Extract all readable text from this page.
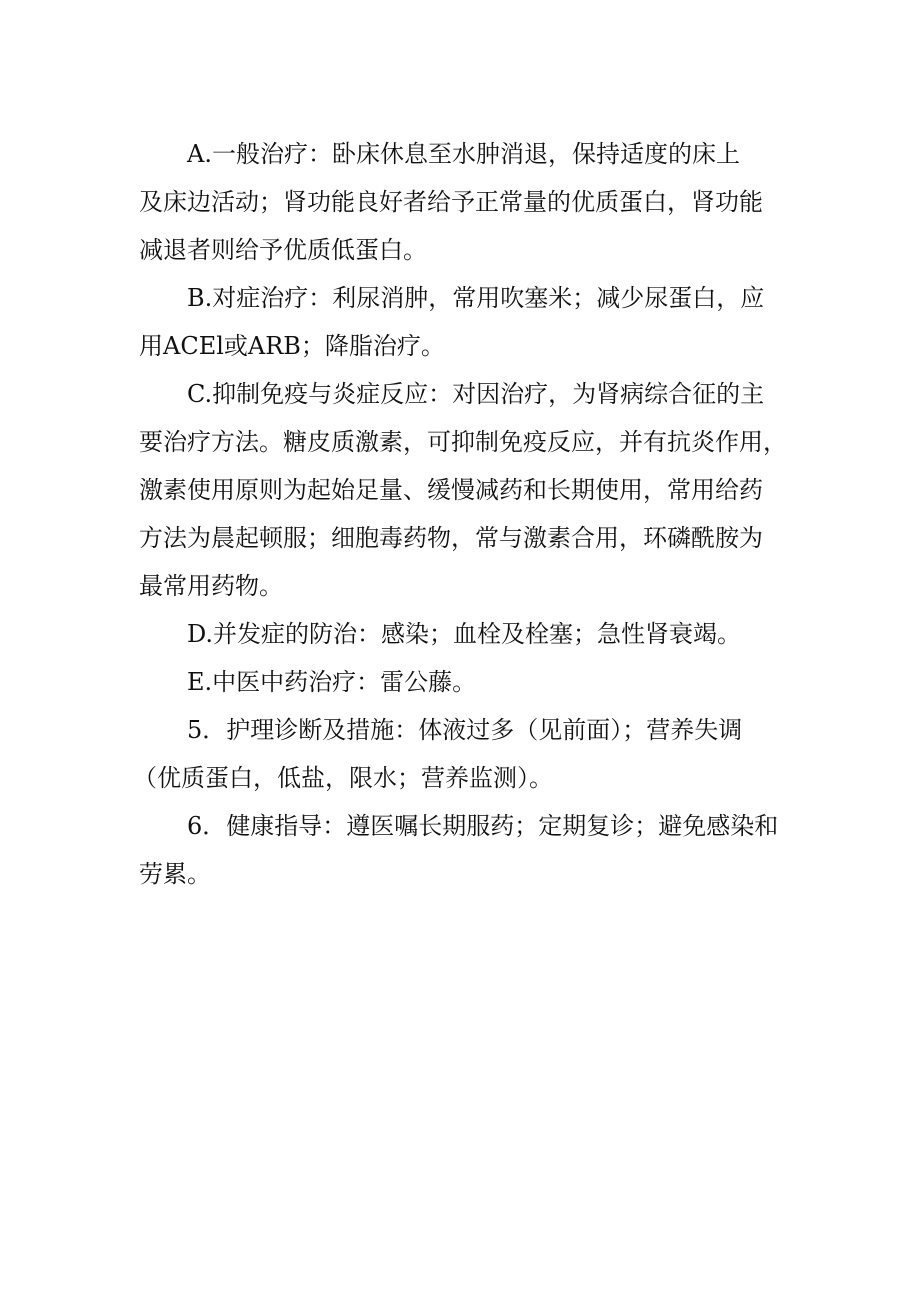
A.一般治疗：卧床休息至水肿消退，保持适度的床上
及床边活动；肾功能良好者给予正常量的优质蛋白，肾功能
减退者则给予优质低蛋白。
B.对症治疗：利尿消肿，常用吹塞米；减少尿蛋白，应
用ACEl或ARB；降脂治疗。
C.抑制免疫与炎症反应：对因治疗，为肾病综合征的主
要治疗方法。糖皮质激素，可抑制免疫反应，并有抗炎作用，
激素使用原则为起始足量、缓慢减药和长期使用，常用给药
方法为晨起顿服；细胞毒药物，常与激素合用，环磷酰胺为
最常用药物。
D.并发症的防治：感染；血栓及栓塞；急性肾衰竭。
E.中医中药治疗：雷公藤。
5．护理诊断及措施：体液过多（见前面）；营养失调
（优质蛋白，低盐，限水；营养监测）。
6．健康指导：遵医嘱长期服药；定期复诊；避免感染和
劳累。
